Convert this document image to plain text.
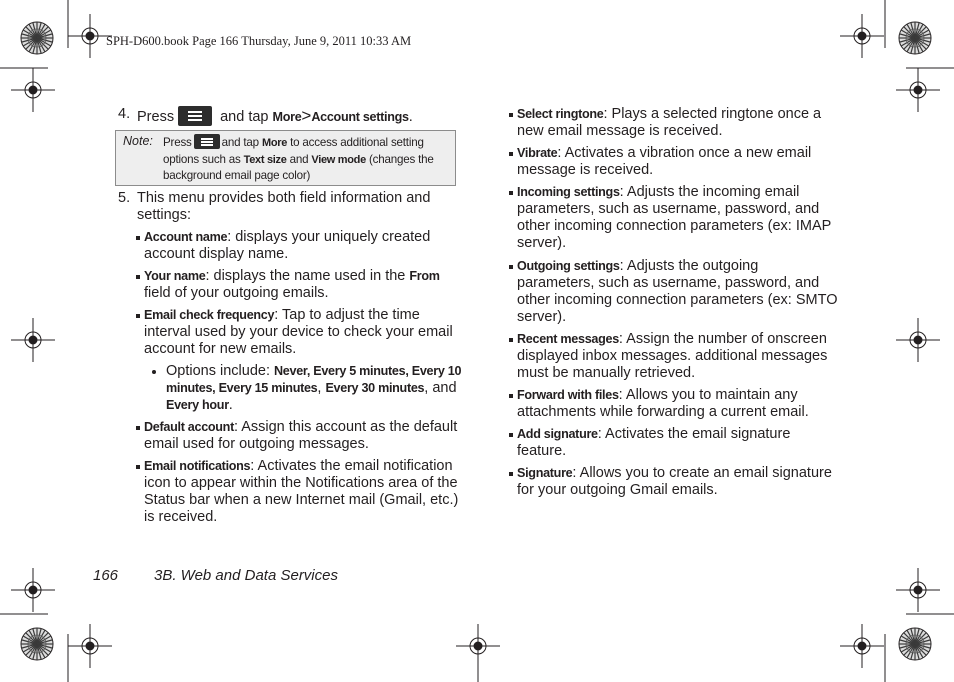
SPH-D600.book Page 166 Thursday, June 9, 2011 10:33 AM
4. Press	and tap More>Account settings.
Note: Press	and tap More to access additional setting options such as Text size and View mode (changes the background email page color)
5. This menu provides both field information and settings:
Account name: displays your uniquely created account display name.
Your name: displays the name used in the From field of your outgoing emails.
Email check frequency: Tap to adjust the time interval used by your device to check your email account for new emails.
Options include: Never, Every 5 minutes, Every 10 minutes, Every 15 minutes, Every 30 minutes, and Every hour.
Default account: Assign this account as the default email used for outgoing messages.
Email notifications: Activates the email notification icon to appear within the Notifications area of the Status bar when a new Internet mail (Gmail, etc.) is received.
Select ringtone: Plays a selected ringtone once a new email message is received.
Vibrate: Activates a vibration once a new email message is received.
Incoming settings: Adjusts the incoming email parameters, such as username, password, and other incoming connection parameters (ex: IMAP server).
Outgoing settings: Adjusts the outgoing parameters, such as username, password, and other incoming connection parameters (ex: SMTO server).
Recent messages: Assign the number of onscreen displayed inbox messages. additional messages must be manually retrieved.
Forward with files: Allows you to maintain any attachments while forwarding a current email.
Add signature: Activates the email signature feature.
Signature: Allows you to create an email signature for your outgoing Gmail emails.
166 3B. Web and Data Services
